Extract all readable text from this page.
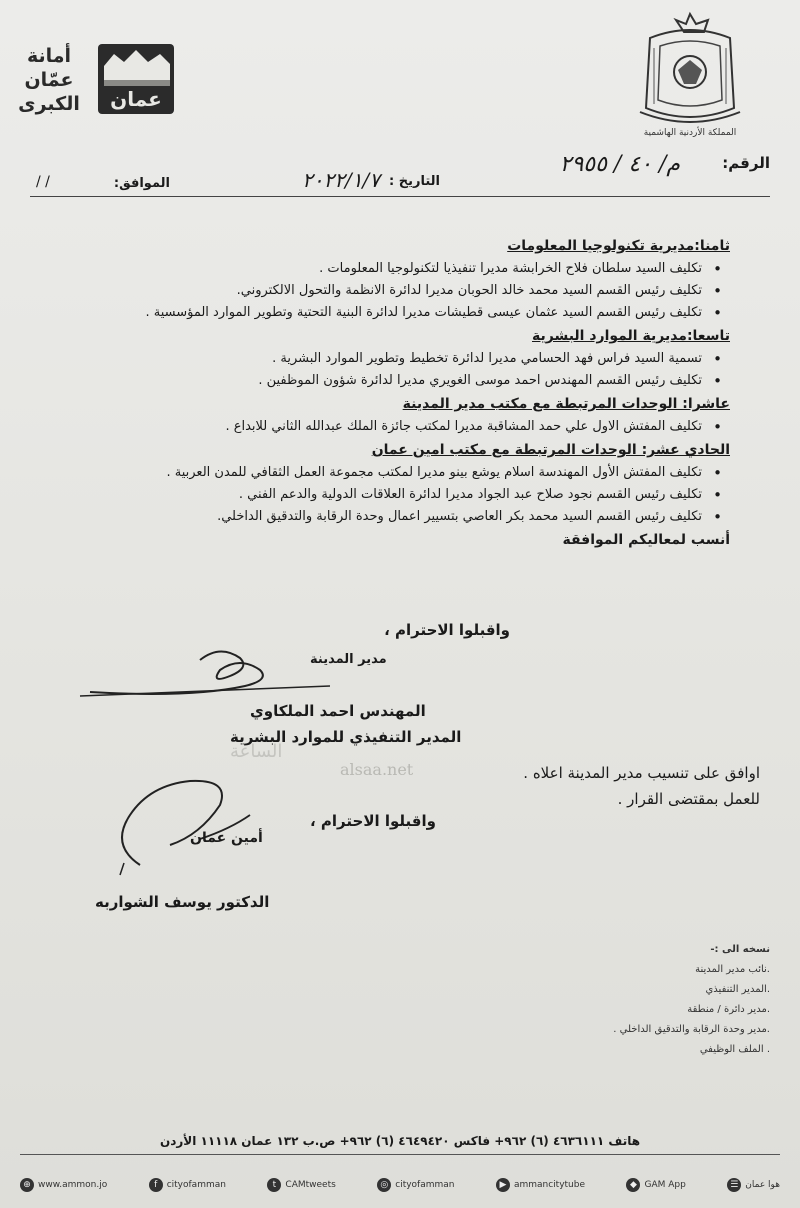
أمانة
عمّان
الكبرى	عمان
المملكة الأردنية الهاشمية
الرقم:
م/ ٤٠ / ٢٩٥٥
التاريخ :
٢٠٢٢/١/٧
الموافق:
/ /
ثامنا:مديرية تكنولوجيا المعلومات
• تكليف السيد سلطان فلاح الخرابشة مديرا تنفيذيا لتكنولوجيا المعلومات .
• تكليف رئيس القسم السيد محمد خالد الحوبان مديرا لدائرة الانظمة والتحول الالكتروني.
• تكليف رئيس القسم السيد عثمان عيسى قطيشات مديرا لدائرة البنية التحتية وتطوير الموارد المؤسسية .
تاسعا:مديرية الموارد البشرية
• تسمية السيد فراس فهد الحسامي مديرا لدائرة تخطيط وتطوير الموارد البشرية .
• تكليف رئيس القسم المهندس احمد موسى الغويري مديرا لدائرة شؤون الموظفين .
عاشرا: الوحدات المرتبطة مع مكتب مدير المدينة
• تكليف المفتش الاول علي حمد المشاقبة مديرا لمكتب جائزة الملك عبدالله الثاني للابداع .
الحادي عشر: الوحدات المرتبطة مع مكتب امين عمان
• تكليف المفتش الأول المهندسة اسلام يوشع بينو مديرا لمكتب مجموعة العمل الثقافي للمدن العربية .
• تكليف رئيس القسم نجود صلاح عبد الجواد مديرا لدائرة العلاقات الدولية والدعم الفني .
• تكليف رئيس القسم السيد محمد بكر العاصي بتسيير اعمال وحدة الرقابة والتدقيق الداخلي.
أنسب لمعاليكم الموافقة
واقبلوا الاحترام ،
مدير المدينة
المهندس احمد الملكاوي
المدير التنفيذي للموارد البشرية
الساعة
alsaa.net	اوافق على تنسيب مدير المدينة اعلاه .
للعمل بمقتضى القرار .
واقبلوا الاحترام ،
أمين عمان
الدكتور يوسف الشواربه
نسخه الى :-
.نائب مدير المدينة
.المدير التنفيذي
.مدير دائرة / منطقة
.مدير وحدة الرقابة والتدقيق الداخلي .
. الملف الوظيفي
هاتف ٤٦٣٦١١١ (٦) ٩٦٢+ فاكس ٤٦٤٩٤٢٠ (٦) ٩٦٢+ ص.ب ١٣٢ عمان ١١١١٨ الأردن
⊕ www.ammon.jo	f	cityofamman	t	CAMtweets	◎ cityofamman	▶ ammancitytube	◆ GAM App	☰ هوا عمان
